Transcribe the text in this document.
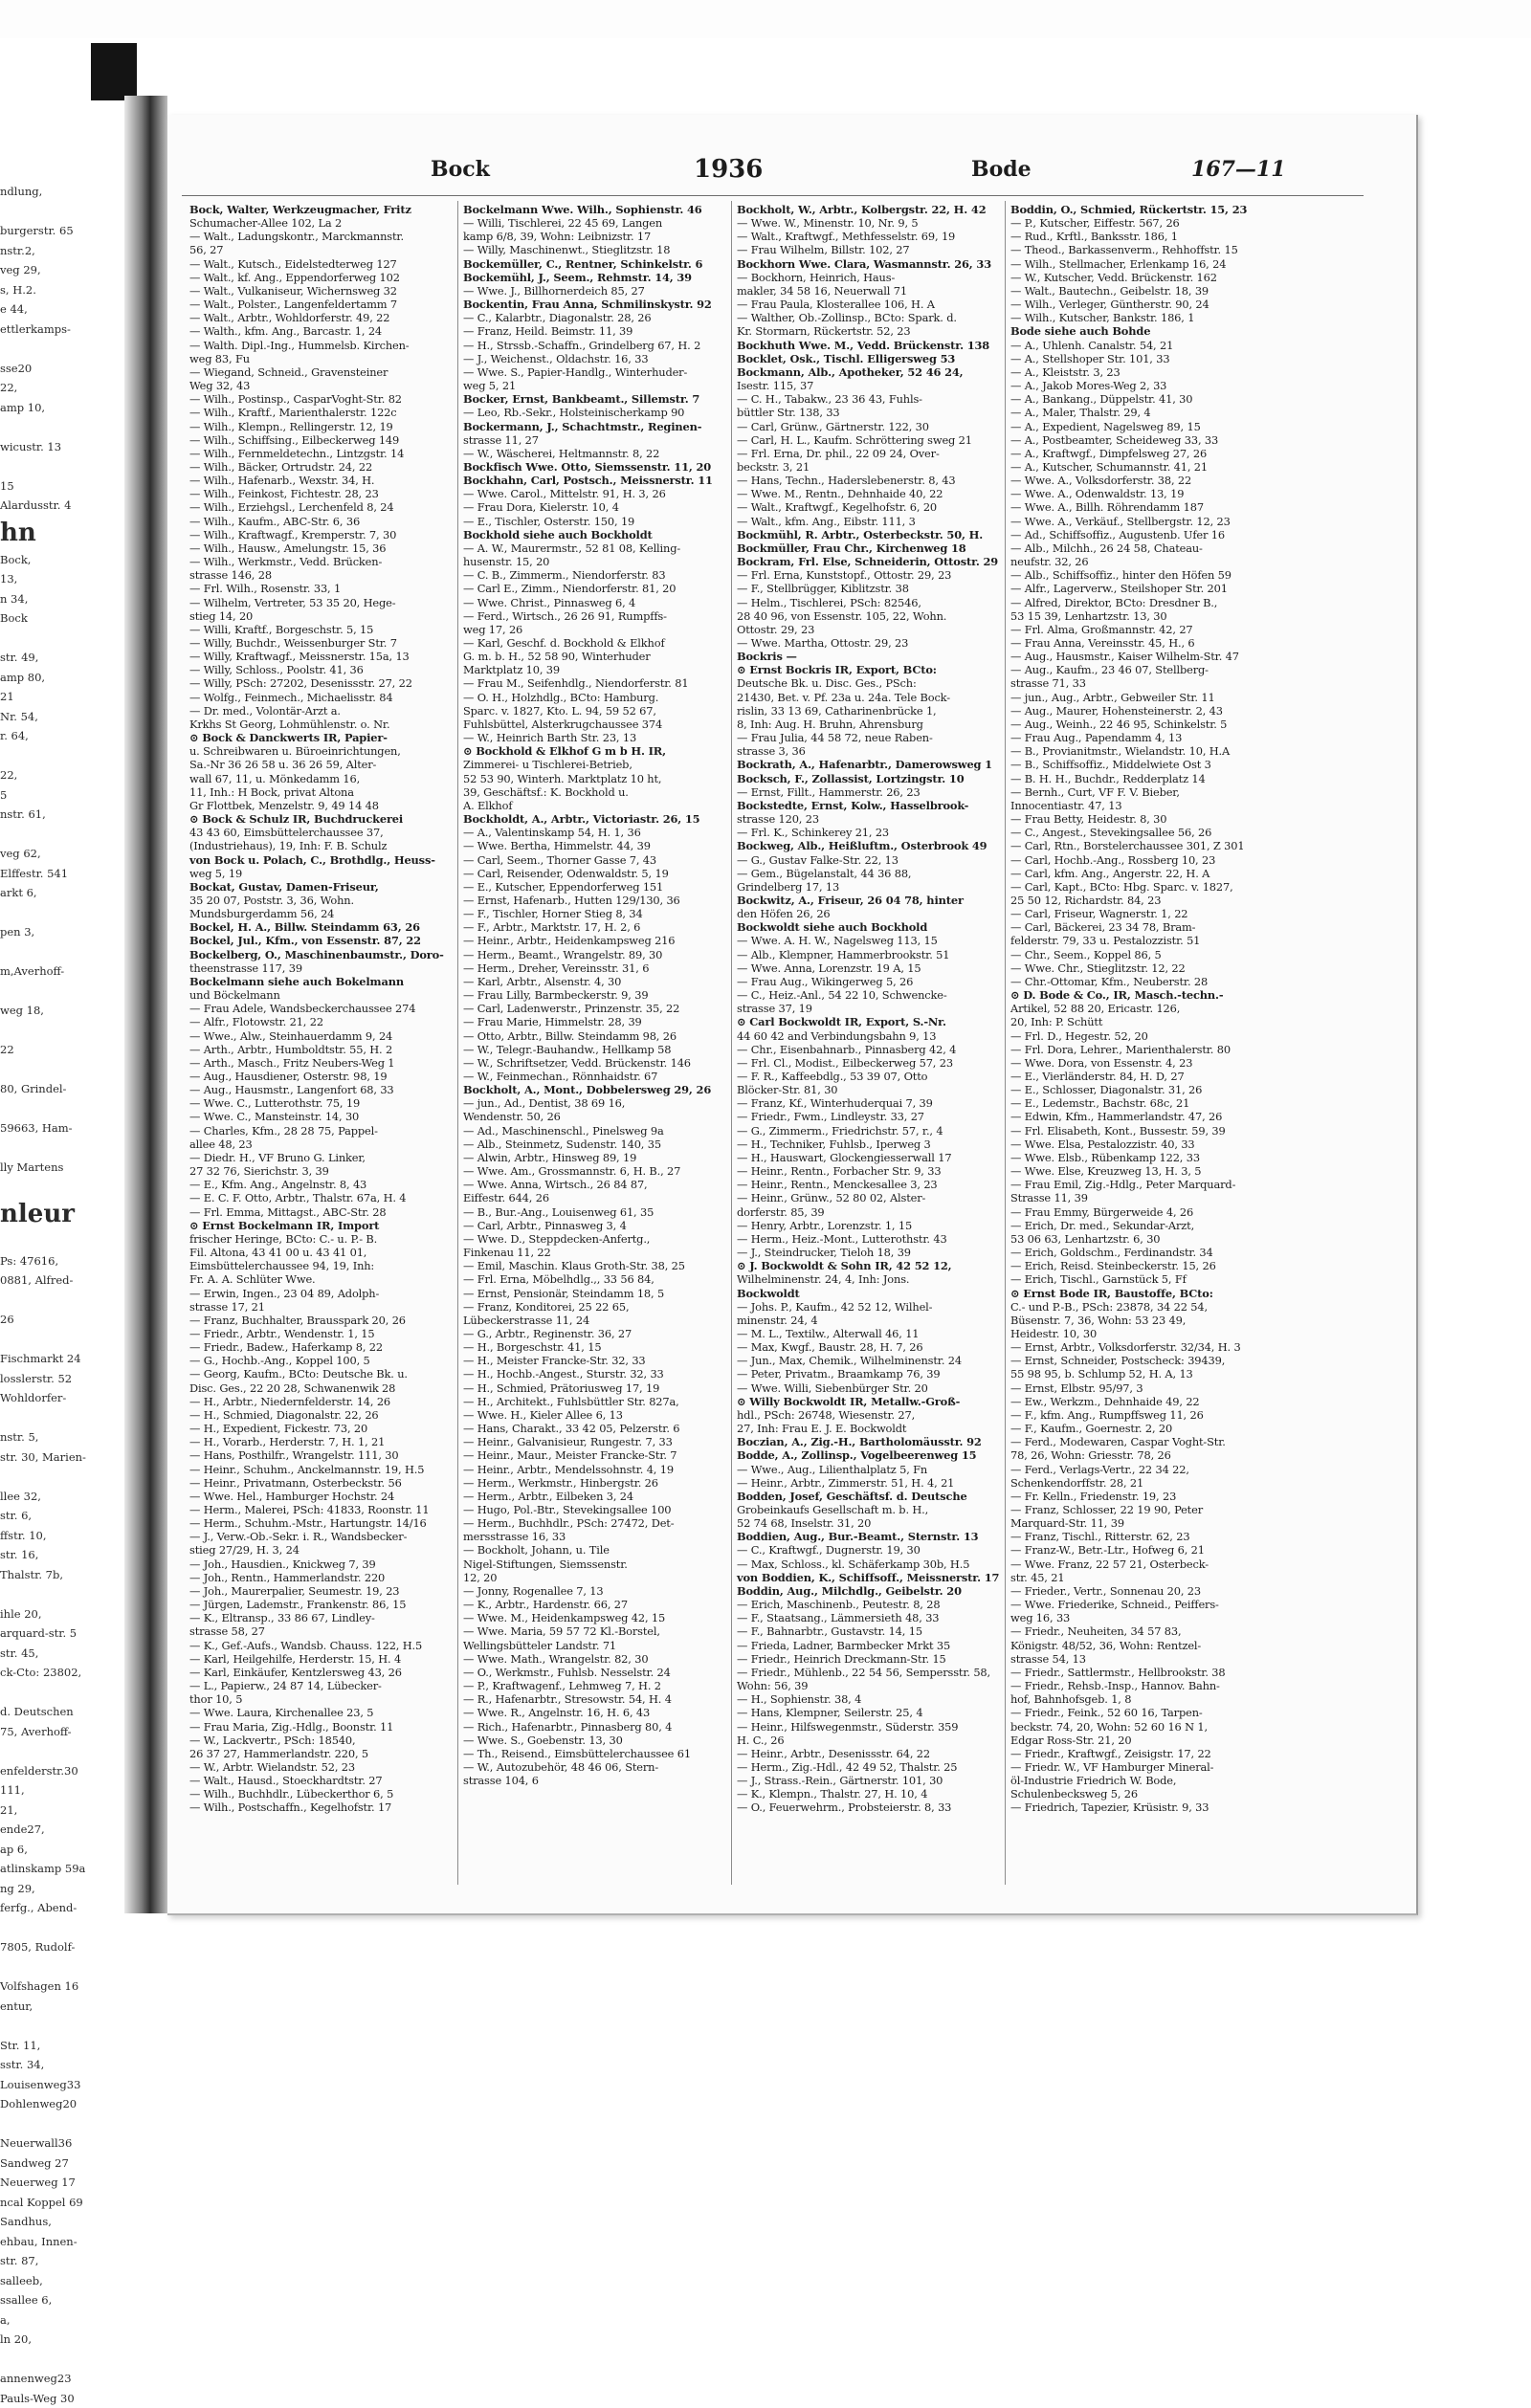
ndlung,

burgerstr. 65
nstr.2,
veg 29,
s, H.2.
e 44,
ettlerkamps-

sse20
22,
amp 10,

wicustr. 13

15
Alardusstr. 4
hn
Bock,
13,
n 34,
Bock

str. 49,
amp 80,
21
Nr. 54,
r. 64,

22,
5
nstr. 61,

veg 62,
Elffestr. 541
arkt 6,

pen 3,

m,Averhoff-

weg 18,

22

80, Grindel-

59663, Ham-

lly Martens

nleur

Ps: 47616,
0881, Alfred-

26

Fischmarkt 24
losslerstr. 52
Wohldorfer-

nstr. 5,
str. 30, Marien-

llee 32,
str. 6,
ffstr. 10,
str. 16,
Thalstr. 7b,

ihle 20,
arquard-str. 5
str. 45,
ck-Cto: 23802,

d. Deutschen
75, Averhoff-

enfelderstr.30
111,
21,
ende27,
ap 6,
atlinskamp 59a
ng 29,
ferfg., Abend-

7805, Rudolf-

Volfshagen 16
entur,

Str. 11,
sstr. 34,
Louisenweg33
Dohlenweg20

Neuerwall36
Sandweg 27
Neuerweg 17
ncal Koppel 69
Sandhus,
ehbau, Innen-
str. 87,
salleeb,
ssallee 6,
a,
ln 20,

annenweg23
Pauls-Weg 30
Bock	1936	Bode	167—11
Bock, Walter, Werkzeugmacher, Fritz
Schumacher-Allee 102, La 2
— Walt., Ladungskontr., Marckmannstr.
56, 27
— Walt., Kutsch., Eidelstedterweg 127
— Walt., kf. Ang., Eppendorferweg 102
— Walt., Vulkaniseur, Wichernsweg 32
— Walt., Polster., Langenfeldertamm 7
— Walt., Arbtr., Wohldorferstr. 49, 22
— Walth., kfm. Ang., Barcastr. 1, 24
— Walth. Dipl.-Ing., Hummelsb. Kirchen-
weg 83, Fu
— Wiegand, Schneid., Gravensteiner
Weg 32, 43
— Wilh., Postinsp., CasparVoght-Str. 82
— Wilh., Kraftf., Marienthalerstr. 122c
— Wilh., Klempn., Rellingerstr. 12, 19
— Wilh., Schiffsing., Eilbeckerweg 149
— Wilh., Fernmeldetechn., Lintzgstr. 14
— Wilh., Bäcker, Ortrudstr. 24, 22
— Wilh., Hafenarb., Wexstr. 34, H.
— Wilh., Feinkost, Fichtestr. 28, 23
— Wilh., Erziehgsl., Lerchenfeld 8, 24
— Wilh., Kaufm., ABC-Str. 6, 36
— Wilh., Kraftwagf., Kremperstr. 7, 30
— Wilh., Hausw., Amelungstr. 15, 36
— Wilh., Werkmstr., Vedd. Brücken-
strasse 146, 28
— Frl. Wilh., Rosenstr. 33, 1
— Wilhelm, Vertreter, 53 35 20, Hege-
stieg 14, 20
— Willi, Kraftf., Borgeschstr. 5, 15
— Willy, Buchdr., Weissenburger Str. 7
— Willy, Kraftwagf., Meissnerstr. 15a, 13
— Willy, Schloss., Poolstr. 41, 36
— Willy, PSch: 27202, Desenissstr. 27, 22
— Wolfg., Feinmech., Michaelisstr. 84
— Dr. med., Volontär-Arzt a.
Krkhs St Georg, Lohmühlenstr. o. Nr.
⊙ Bock & Danckwerts IR, Papier-
u. Schreibwaren u. Büroeinrichtungen,
Sa.-Nr 36 26 58 u. 36 26 59, Alter-
wall 67, 11, u. Mönkedamm 16,
11, Inh.: H Bock, privat Altona
Gr Flottbek, Menzelstr. 9, 49 14 48
⊙ Bock & Schulz IR, Buchdruckerei
43 43 60, Eimsbüttelerchaussee 37,
(Industriehaus), 19, Inh: F. B. Schulz
von Bock u. Polach, C., Brothdlg., Heuss-
weg 5, 19
Bockat, Gustav, Damen-Friseur,
35 20 07, Poststr. 3, 36, Wohn.
Mundsburgerdamm 56, 24
Bockel, H. A., Billw. Steindamm 63, 26
Bockel, Jul., Kfm., von Essenstr. 87, 22
Bockelberg, O., Maschinenbaumstr., Doro-
theenstrasse 117, 39
Bockelmann siehe auch Bokelmann
und Böckelmann
— Frau Adele, Wandsbeckerchaussee 274
— Alfr., Flotowstr. 21, 22
— Wwe., Alw., Steinhauerdamm 9, 24
— Arth., Arbtr., Humboldtstr. 55, H. 2
— Arth., Masch., Fritz Neubers-Weg 1
— Aug., Hausdiener, Osterstr. 98, 19
— Aug., Hausmstr., Langenfort 68, 33
— Wwe. C., Lutterothstr. 75, 19
— Wwe. C., Mansteinstr. 14, 30
— Charles, Kfm., 28 28 75, Pappel-
allee 48, 23
— Diedr. H., VF Bruno G. Linker,
27 32 76, Sierichstr. 3, 39
— E., Kfm. Ang., Angelnstr. 8, 43
— E. C. F. Otto, Arbtr., Thalstr. 67a, H. 4
— Frl. Emma, Mittagst., ABC-Str. 28
⊙ Ernst Bockelmann IR, Import
frischer Heringe, BCto: C.- u. P.- B.
Fil. Altona, 43 41 00 u. 43 41 01,
Eimsbüttelerchaussee 94, 19, Inh:
Fr. A. A. Schlüter Wwe.
— Erwin, Ingen., 23 04 89, Adolph-
strasse 17, 21
— Franz, Buchhalter, Brausspark 20, 26
— Friedr., Arbtr., Wendenstr. 1, 15
— Friedr., Badew., Haferkamp 8, 22
— G., Hochb.-Ang., Koppel 100, 5
— Georg, Kaufm., BCto: Deutsche Bk. u.
Disc. Ges., 22 20 28, Schwanenwik 28
— H., Arbtr., Niedernfelderstr. 14, 26
— H., Schmied, Diagonalstr. 22, 26
— H., Expedient, Fickestr. 73, 20
— H., Vorarb., Herderstr. 7, H. 1, 21
— Hans, Posthilfr., Wrangelstr. 111, 30
— Heinr., Schuhm., Anckelmannstr. 19, H.5
— Heinr., Privatmann, Osterbeckstr. 56
— Wwe. Hel., Hamburger Hochstr. 24
— Herm., Malerei, PSch: 41833, Roonstr. 11
— Herm., Schuhm.-Mstr., Hartungstr. 14/16
— J., Verw.-Ob.-Sekr. i. R., Wandsbecker-
stieg 27/29, H. 3, 24
— Joh., Hausdien., Knickweg 7, 39
— Joh., Rentn., Hammerlandstr. 220
— Joh., Maurerpalier, Seumestr. 19, 23
— Jürgen, Lademstr., Frankenstr. 86, 15
— K., Eltransp., 33 86 67, Lindley-
strasse 58, 27
— K., Gef.-Aufs., Wandsb. Chauss. 122, H.5
— Karl, Heilgehilfe, Herderstr. 15, H. 4
— Karl, Einkäufer, Kentzlersweg 43, 26
— L., Papierw., 24 87 14, Lübecker-
thor 10, 5
— Wwe. Laura, Kirchenallee 23, 5
— Frau Maria, Zig.-Hdlg., Boonstr. 11
— W., Lackvertr., PSch: 18540,
26 37 27, Hammerlandstr. 220, 5
— W., Arbtr. Wielandstr. 52, 23
— Walt., Hausd., Stoeckhardtstr. 27
— Wilh., Buchhdlr., Lübeckerthor 6, 5
— Wilh., Postschaffn., Kegelhofstr. 17
Bockelmann Wwe. Wilh., Sophienstr. 46
— Willi, Tischlerei, 22 45 69, Langen
kamp 6/8, 39, Wohn: Leibnizstr. 17
— Willy, Maschinenwt., Stieglitzstr. 18
Bockemüller, C., Rentner, Schinkelstr. 6
Bockemühl, J., Seem., Rehmstr. 14, 39
— Wwe. J., Billhornerdeich 85, 27
Bockentin, Frau Anna, Schmilinskystr. 92
— C., Kalarbtr., Diagonalstr. 28, 26
— Franz, Heild. Beimstr. 11, 39
— H., Strssb.-Schaffn., Grindelberg 67, H. 2
— J., Weichenst., Oldachstr. 16, 33
— Wwe. S., Papier-Handlg., Winterhuder-
weg 5, 21
Bocker, Ernst, Bankbeamt., Sillemstr. 7
— Leo, Rb.-Sekr., Holsteinischerkamp 90
Bockermann, J., Schachtmstr., Reginen-
strasse 11, 27
— W., Wäscherei, Heltmannstr. 8, 22
Bockfisch Wwe. Otto, Siemssenstr. 11, 20
Bockhahn, Carl, Postsch., Meissnerstr. 11
— Wwe. Carol., Mittelstr. 91, H. 3, 26
— Frau Dora, Kielerstr. 10, 4
— E., Tischler, Osterstr. 150, 19
Bockhold siehe auch Bockholdt
— A. W., Maurermstr., 52 81 08, Kelling-
husenstr. 15, 20
— C. B., Zimmerm., Niendorferstr. 83
— Carl E., Zimm., Niendorferstr. 81, 20
— Wwe. Christ., Pinnasweg 6, 4
— Ferd., Wirtsch., 26 26 91, Rumpffs-
weg 17, 26
— Karl, Geschf. d. Bockhold & Elkhof
G. m. b. H., 52 58 90, Winterhuder
Marktplatz 10, 39
— Frau M., Seifenhdlg., Niendorferstr. 81
— O. H., Holzhdlg., BCto: Hamburg.
Sparc. v. 1827, Kto. L. 94, 59 52 67,
Fuhlsbüttel, Alsterkrugchaussee 374
— W., Heinrich Barth Str. 23, 13
⊙ Bockhold & Elkhof G m b H. IR,
Zimmerei- u Tischlerei-Betrieb,
52 53 90, Winterh. Marktplatz 10 ht,
39, Geschäftsf.: K. Bockhold u.
A. Elkhof
Bockholdt, A., Arbtr., Victoriastr. 26, 15
— A., Valentinskamp 54, H. 1, 36
— Wwe. Bertha, Himmelstr. 44, 39
— Carl, Seem., Thorner Gasse 7, 43
— Carl, Reisender, Odenwaldstr. 5, 19
— E., Kutscher, Eppendorferweg 151
— Ernst, Hafenarb., Hutten 129/130, 36
— F., Tischler, Horner Stieg 8, 34
— F., Arbtr., Marktstr. 17, H. 2, 6
— Heinr., Arbtr., Heidenkampsweg 216
— Herm., Beamt., Wrangelstr. 89, 30
— Herm., Dreher, Vereinsstr. 31, 6
— Karl, Arbtr., Alsenstr. 4, 30
— Frau Lilly, Barmbeckerstr. 9, 39
— Carl, Ladenwerstr., Prinzenstr. 35, 22
— Frau Marie, Himmelstr. 28, 39
— Otto, Arbtr., Billw. Steindamm 98, 26
— W., Telegr.-Bauhandw., Hellkamp 58
— W., Schriftsetzer, Vedd. Brückenstr. 146
— W., Feinmechan., Rönnhaidstr. 67
Bockholt, A., Mont., Dobbelersweg 29, 26
— jun., Ad., Dentist, 38 69 16,
Wendenstr. 50, 26
— Ad., Maschinenschl., Pinelsweg 9a
— Alb., Steinmetz, Sudenstr. 140, 35
— Alwin, Arbtr., Hinsweg 89, 19
— Wwe. Am., Grossmannstr. 6, H. B., 27
— Wwe. Anna, Wirtsch., 26 84 87,
Eiffestr. 644, 26
— B., Bur.-Ang., Louisenweg 61, 35
— Carl, Arbtr., Pinnasweg 3, 4
— Wwe. D., Steppdecken-Anfertg.,
Finkenau 11, 22
— Emil, Maschin. Klaus Groth-Str. 38, 25
— Frl. Erna, Möbelhdlg.,, 33 56 84,
— Ernst, Pensionär, Steindamm 18, 5
— Franz, Konditorei, 25 22 65,
Lübeckerstrasse 11, 24
— G., Arbtr., Reginenstr. 36, 27
— H., Borgeschstr. 41, 15
— H., Meister Francke-Str. 32, 33
— H., Hochb.-Angest., Sturstr. 32, 33
— H., Schmied, Prätoriusweg 17, 19
— H., Architekt., Fuhlsbüttler Str. 827a,
— Wwe. H., Kieler Allee 6, 13
— Hans, Charakt., 33 42 05, Pelzerstr. 6
— Heinr., Galvanisieur, Rungestr. 7, 33
— Heinr., Maur., Meister Francke-Str. 7
— Heinr., Arbtr., Mendelssohnstr. 4, 19
— Herm., Werkmstr., Hinbergstr. 26
— Herm., Arbtr., Eilbeken 3, 24
— Hugo, Pol.-Btr., Stevekingsallee 100
— Herm., Buchhdlr., PSch: 27472, Det-
mersstrasse 16, 33
— Bockholt, Johann, u. Tile
Nigel-Stiftungen, Siemssenstr.
12, 20
— Jonny, Rogenallee 7, 13
— K., Arbtr., Hardenstr. 66, 27
— Wwe. M., Heidenkampsweg 42, 15
— Wwe. Maria, 59 57 72 Kl.-Borstel,
Wellingsbütteler Landstr. 71
— Wwe. Math., Wrangelstr. 82, 30
— O., Werkmstr., Fuhlsb. Nesselstr. 24
— P., Kraftwagenf., Lehmweg 7, H. 2
— R., Hafenarbtr., Stresowstr. 54, H. 4
— Wwe. R., Angelnstr. 16, H. 6, 43
— Rich., Hafenarbtr., Pinnasberg 80, 4
— Wwe. S., Goebenstr. 13, 30
— Th., Reisend., Eimsbüttelerchaussee 61
— W., Autozubehör, 48 46 06, Stern-
strasse 104, 6
Bockholt, W., Arbtr., Kolbergstr. 22, H. 42
— Wwe. W., Minenstr. 10, Nr. 9, 5
— Walt., Kraftwgf., Methfesselstr. 69, 19
— Frau Wilhelm, Billstr. 102, 27
Bockhorn Wwe. Clara, Wasmannstr. 26, 33
— Bockhorn, Heinrich, Haus-
makler, 34 58 16, Neuerwall 71
— Frau Paula, Klosterallee 106, H. A
— Walther, Ob.-Zollinsp., BCto: Spark. d.
Kr. Stormarn, Rückertstr. 52, 23
Bockhuth Wwe. M., Vedd. Brückenstr. 138
Bocklet, Osk., Tischl. Elligersweg 53
Bockmann, Alb., Apotheker, 52 46 24,
Isestr. 115, 37
— C. H., Tabakw., 23 36 43, Fuhls-
büttler Str. 138, 33
— Carl, Grünw., Gärtnerstr. 122, 30
— Carl, H. L., Kaufm. Schröttering sweg 21
— Frl. Erna, Dr. phil., 22 09 24, Over-
beckstr. 3, 21
— Hans, Techn., Haderslebenerstr. 8, 43
— Wwe. M., Rentn., Dehnhaide 40, 22
— Walt., Kraftwgf., Kegelhofstr. 6, 20
— Walt., kfm. Ang., Eibstr. 111, 3
Bockmühl, R. Arbtr., Osterbeckstr. 50, H.
Bockmüller, Frau Chr., Kirchenweg 18
Bockram, Frl. Else, Schneiderin, Ottostr. 29
— Frl. Erna, Kunststopf., Ottostr. 29, 23
— F., Stellbrügger, Kiblitzstr. 38
— Helm., Tischlerei, PSch: 82546,
28 40 96, von Essenstr. 105, 22, Wohn.
Ottostr. 29, 23
— Wwe. Martha, Ottostr. 29, 23
Bockris —
⊙ Ernst Bockris IR, Export, BCto:
Deutsche Bk. u. Disc. Ges., PSch:
21430, Bet. v. Pf. 23a u. 24a. Tele Bock-
rislin, 33 13 69, Catharinenbrücke 1,
8, Inh: Aug. H. Bruhn, Ahrensburg
— Frau Julia, 44 58 72, neue Raben-
strasse 3, 36
Bockrath, A., Hafenarbtr., Damerowsweg 1
Bocksch, F., Zollassist, Lortzingstr. 10
— Ernst, Fillt., Hammerstr. 26, 23
Bockstedte, Ernst, Kolw., Hasselbrook-
strasse 120, 23
— Frl. K., Schinkerey 21, 23
Bockweg, Alb., Heißluftm., Osterbrook 49
— G., Gustav Falke-Str. 22, 13
— Gem., Bügelanstalt, 44 36 88,
Grindelberg 17, 13
Bockwitz, A., Friseur, 26 04 78, hinter
den Höfen 26, 26
Bockwoldt siehe auch Bockhold
— Wwe. A. H. W., Nagelsweg 113, 15
— Alb., Klempner, Hammerbrookstr. 51
— Wwe. Anna, Lorenzstr. 19 A, 15
— Frau Aug., Wikingerweg 5, 26
— C., Heiz.-Anl., 54 22 10, Schwencke-
strasse 37, 19
⊙ Carl Bockwoldt IR, Export, S.-Nr.
44 60 42 and Verbindungsbahn 9, 13
— Chr., Eisenbahnarb., Pinnasberg 42, 4
— Frl. Cl., Modist., Eilbeckerweg 57, 23
— F. R., Kaffeebdlg., 53 39 07, Otto
Blöcker-Str. 81, 30
— Franz, Kf., Winterhuderquai 7, 39
— Friedr., Fwm., Lindleystr. 33, 27
— G., Zimmerm., Friedrichstr. 57, r., 4
— H., Techniker, Fuhlsb., Iperweg 3
— H., Hauswart, Glockengiesserwall 17
— Heinr., Rentn., Forbacher Str. 9, 33
— Heinr., Rentn., Menckesallee 3, 23
— Heinr., Grünw., 52 80 02, Alster-
dorferstr. 85, 39
— Henry, Arbtr., Lorenzstr. 1, 15
— Herm., Heiz.-Mont., Lutterothstr. 43
— J., Steindrucker, Tieloh 18, 39
⊙ J. Bockwoldt & Sohn IR, 42 52 12,
Wilhelminenstr. 24, 4, Inh: Jons.
Bockwoldt
— Johs. P., Kaufm., 42 52 12, Wilhel-
minenstr. 24, 4
— M. L., Textilw., Alterwall 46, 11
— Max, Kwgf., Baustr. 28, H. 7, 26
— Jun., Max, Chemik., Wilhelminenstr. 24
— Peter, Privatm., Braamkamp 76, 39
— Wwe. Willi, Siebenbürger Str. 20
⊙ Willy Bockwoldt IR, Metallw.-Groß-
hdl., PSch: 26748, Wiesenstr. 27,
27, Inh: Frau E. J. E. Bockwoldt
Boczian, A., Zig.-H., Bartholomäusstr. 92
Bodde, A., Zollinsp., Vogelbeerenweg 15
— Wwe., Aug., Lilienthalplatz 5, Fn
— Heinr., Arbtr., Zimmerstr. 51, H. 4, 21
Bodden, Josef, Geschäftsf. d. Deutsche
Grobeinkaufs Gesellschaft m. b. H.,
52 74 68, Inselstr. 31, 20
Boddien, Aug., Bur.-Beamt., Sternstr. 13
— C., Kraftwgf., Dugnerstr. 19, 30
— Max, Schloss., kl. Schäferkamp 30b, H.5
von Boddien, K., Schiffsoff., Meissnerstr. 17
Boddin, Aug., Milchdlg., Geibelstr. 20
— Erich, Maschinenb., Peutestr. 8, 28
— F., Staatsang., Lämmersieth 48, 33
— F., Bahnarbtr., Gustavstr. 14, 15
— Frieda, Ladner, Barmbecker Mrkt 35
— Friedr., Heinrich Dreckmann-Str. 15
— Friedr., Mühlenb., 22 54 56, Sempersstr. 58,
Wohn: 56, 39
— H., Sophienstr. 38, 4
— Hans, Klempner, Seilerstr. 25, 4
— Heinr., Hilfswegenmstr., Süderstr. 359
H. C., 26
— Heinr., Arbtr., Desenissstr. 64, 22
— Herm., Zig.-Hdl., 42 49 52, Thalstr. 25
— J., Strass.-Rein., Gärtnerstr. 101, 30
— K., Klempn., Thalstr. 27, H. 10, 4
— O., Feuerwehrm., Probsteierstr. 8, 33
Boddin, O., Schmied, Rückertstr. 15, 23
— P., Kutscher, Eiffestr. 567, 26
— Rud., Krftl., Banksstr. 186, 1
— Theod., Barkassenverm., Rehhoffstr. 15
— Wilh., Stellmacher, Erlenkamp 16, 24
— W., Kutscher, Vedd. Brückenstr. 162
— Walt., Bautechn., Geibelstr. 18, 39
— Wilh., Verleger, Güntherstr. 90, 24
— Wilh., Kutscher, Bankstr. 186, 1
Bode siehe auch Bohde
— A., Uhlenh. Canalstr. 54, 21
— A., Stellshoper Str. 101, 33
— A., Kleiststr. 3, 23
— A., Jakob Mores-Weg 2, 33
— A., Bankang., Düppelstr. 41, 30
— A., Maler, Thalstr. 29, 4
— A., Expedient, Nagelsweg 89, 15
— A., Postbeamter, Scheideweg 33, 33
— A., Kraftwgf., Dimpfelsweg 27, 26
— A., Kutscher, Schumannstr. 41, 21
— Wwe. A., Volksdorferstr. 38, 22
— Wwe. A., Odenwaldstr. 13, 19
— Wwe. A., Billh. Röhrendamm 187
— Wwe. A., Verkäuf., Stellbergstr. 12, 23
— Ad., Schiffsoffiz., Augustenb. Ufer 16
— Alb., Milchh., 26 24 58, Chateau-
neufstr. 32, 26
— Alb., Schiffsoffiz., hinter den Höfen 59
— Alfr., Lagerverw., Steilshoper Str. 201
— Alfred, Direktor, BCto: Dresdner B.,
53 15 39, Lenhartzstr. 13, 30
— Frl. Alma, Großmannstr. 42, 27
— Frau Anna, Vereinsstr. 45, H., 6
— Aug., Hausmstr., Kaiser Wilhelm-Str. 47
— Aug., Kaufm., 23 46 07, Stellberg-
strasse 71, 33
— jun., Aug., Arbtr., Gebweiler Str. 11
— Aug., Maurer, Hohensteinerstr. 2, 43
— Aug., Weinh., 22 46 95, Schinkelstr. 5
— Frau Aug., Papendamm 4, 13
— B., Provianitmstr., Wielandstr. 10, H.A
— B., Schiffsoffiz., Middelwiete Ost 3
— B. H. H., Buchdr., Redderplatz 14
— Bernh., Curt, VF F. V. Bieber,
Innocentiastr. 47, 13
— Frau Betty, Heidestr. 8, 30
— C., Angest., Stevekingsallee 56, 26
— Carl, Rtn., Borstelerchaussee 301, Z 301
— Carl, Hochb.-Ang., Rossberg 10, 23
— Carl, kfm. Ang., Angerstr. 22, H. A
— Carl, Kapt., BCto: Hbg. Sparc. v. 1827,
25 50 12, Richardstr. 84, 23
— Carl, Friseur, Wagnerstr. 1, 22
— Carl, Bäckerei, 23 34 78, Bram-
felderstr. 79, 33 u. Pestalozzistr. 51
— Chr., Seem., Koppel 86, 5
— Wwe. Chr., Stieglitzstr. 12, 22
— Chr.-Ottomar, Kfm., Neuberstr. 28
⊙ D. Bode & Co., IR, Masch.-techn.-
Artikel, 52 88 20, Ericastr. 126,
20, Inh: P. Schütt
— Frl. D., Hegestr. 52, 20
— Frl. Dora, Lehrer., Marienthalerstr. 80
— Wwe. Dora, von Essenstr. 4, 23
— E., Vierländerstr. 84, H. D, 27
— E., Schlosser, Diagonalstr. 31, 26
— E., Ledemstr., Bachstr. 68c, 21
— Edwin, Kfm., Hammerlandstr. 47, 26
— Frl. Elisabeth, Kont., Bussestr. 59, 39
— Wwe. Elsa, Pestalozzistr. 40, 33
— Wwe. Elsb., Rübenkamp 122, 33
— Wwe. Else, Kreuzweg 13, H. 3, 5
— Frau Emil, Zig.-Hdlg., Peter Marquard-
Strasse 11, 39
— Frau Emmy, Bürgerweide 4, 26
— Erich, Dr. med., Sekundar-Arzt,
53 06 63, Lenhartzstr. 6, 30
— Erich, Goldschm., Ferdinandstr. 34
— Erich, Reisd. Steinbeckerstr. 15, 26
— Erich, Tischl., Garnstück 5, Ff
⊙ Ernst Bode IR, Baustoffe, BCto:
C.- und P.-B., PSch: 23878, 34 22 54,
Büsenstr. 7, 36, Wohn: 53 23 49,
Heidestr. 10, 30
— Ernst, Arbtr., Volksdorferstr. 32/34, H. 3
— Ernst, Schneider, Postscheck: 39439,
55 98 95, b. Schlump 52, H. A, 13
— Ernst, Elbstr. 95/97, 3
— Ew., Werkzm., Dehnhaide 49, 22
— F., kfm. Ang., Rumpffsweg 11, 26
— F., Kaufm., Goernestr. 2, 20
— Ferd., Modewaren, Caspar Voght-Str.
78, 26, Wohn: Griesstr. 78, 26
— Ferd., Verlags-Vertr., 22 34 22,
Schenkendorffstr. 28, 21
— Fr. Kelln., Friedenstr. 19, 23
— Franz, Schlosser, 22 19 90, Peter
Marquard-Str. 11, 39
— Franz, Tischl., Ritterstr. 62, 23
— Franz-W., Betr.-Ltr., Hofweg 6, 21
— Wwe. Franz, 22 57 21, Osterbeck-
str. 45, 21
— Frieder., Vertr., Sonnenau 20, 23
— Wwe. Friederike, Schneid., Peiffers-
weg 16, 33
— Friedr., Neuheiten, 34 57 83,
Königstr. 48/52, 36, Wohn: Rentzel-
strasse 54, 13
— Friedr., Sattlermstr., Hellbrookstr. 38
— Friedr., Rehsb.-Insp., Hannov. Bahn-
hof, Bahnhofsgeb. 1, 8
— Friedr., Feink., 52 60 16, Tarpen-
beckstr. 74, 20, Wohn: 52 60 16 N 1,
Edgar Ross-Str. 21, 20
— Friedr., Kraftwgf., Zeisigstr. 17, 22
— Friedr. W., VF Hamburger Mineral-
öl-Industrie Friedrich W. Bode,
Schulenbecksweg 5, 26
— Friedrich, Tapezier, Krüsistr. 9, 33
